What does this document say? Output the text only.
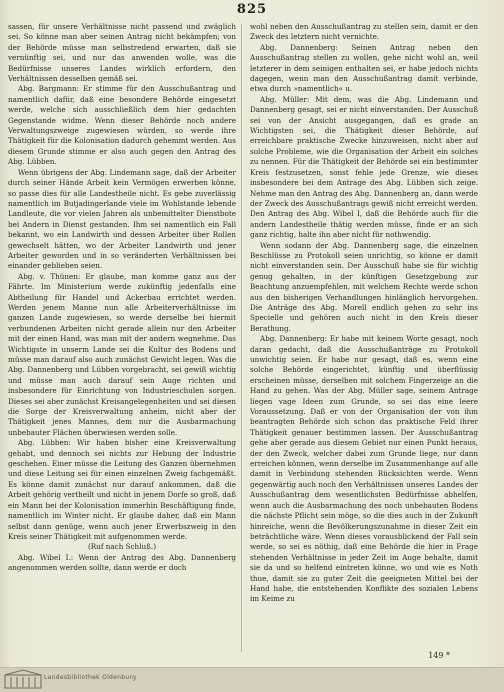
825

sassen, für unsere Verhältnisse nicht passend und zwäglich sei. So könne man aber seinen Antrag nicht bekämpfen; von der Behörde müsse man selbstredend erwarten, daß sie vernünftig sei, und nur das anwenden wolle, was die Bedürfnisse unseres Landes wirklich erfordern, den Verhältnissen desselben gemäß sei.

Abg. Bargmann: Er stimme für den Ausschußantrag und namentlich dafür, daß eine besondere Behörde eingesetzt werde, welche sich ausschließlich dem hier gedachten Gegenstande widme. Wenn dieser Behörde noch andere Verwaltungszweige zugewiesen würden, so werde ihre Thätigkeit für die Kolonisation dadurch gehemmt werden. Aus diesem Grunde stimme er also auch gegen den Antrag des Abg. Lübben.

Wenn übrigens der Abg. Lindemann sage, daß der Arbeiter durch seiner Hände Arbeit kein Vermögen erwerben könne, so passe dies für alle Landestheile nicht. Es gebe zuverlässig namentlich im Butjadingerlande viele im Wohlstande lebende Landleute, die vor vielen Jahren als unbemittelter Dienstbote bei Andern in Dienst gestanden. Ihm sei namentlich ein Fall bekannt, wo ein Landwirth und dessen Arbeiter über Rollen gewechselt hätten, wo der Arbeiter Landwirth und jener Arbeiter geworden und in so veränderten Verhältnissen bei einander geblieben seien.

Abg. v. Thünen: Er glaube, man komme ganz aus der Fährte. Im Ministerium werde zukünftig jedenfalls eine Abtheilung für Handel und Ackerbau errichtet werden. Werden jenem Manne nun alle Arbeiterverhältnisse im ganzen Lande zugewiesen, so werde derselbe bei hiermit verbundenen Arbeiten nicht gerade allein nur den Arbeiter mit der einen Hand, was man mit der andern wegnehme. Das Wichtigste in unserm Lande sei die Kultur des Bodens und müsse man darauf also auch zunächst Gewicht legen. Was die Abg. Dannenberg und Lübben vorgebracht, sei gewiß wichtig und müsse man auch darauf sein Auge richten und insbesondere für Einrichtung von Industrieschulen sorgen. Dieses sei aber zunächst Kreisangelegenheiten und sei diesen die Sorge der Kreisverwaltung anheim, nicht aber der Thätigkeit jenes Mannes, dem nur die Ausbarmachung unbebauter Flächen überwiesen werden solle.

Abg. Lübben: Wir haben bisher eine Kreisverwaltung gehabt, und dennoch sei nichts zur Hebung der Industrie geschehen. Einer müsse die Leitung des Ganzen übernehmen und diese Leitung sei für einen einzelnen Zweig fachgemäßt. Es könne damit zunächst nur darauf ankommen, daß die Arbeit gehörig vertheilt und nicht in jenem Dorfe so groß, daß ein Mann bei der Kolonisation immerhin Beschäftigung finde, namentlich im Winter nicht. Er glaube daher, daß ein Mann selbst dann genüge, wenn auch jener Erwerbszweig in den Kreis seiner Thätigkeit mit aufgenommen werde.

(Ruf nach Schluß.)

Abg. Wibel I.: Wenn der Antrag des Abg. Dannenberg angenommen werden sollte, dann werde er doch

wohl neben den Ausschußantrag zu stellen sein, damit er den Zweck des letztern nicht vernichte.

Abg. Dannenberg: Seinen Antrag neben den Ausschußantrag stellen zu wollen, gehe nicht wohl an, weil letzterer in dem seinigen enthalten sei, er habe jedoch nichts dagegen, wenn man den Ausschußantrag damit verbinde, etwa durch »namentlich« u.

Abg. Müller: Mit dem, was die Abg. Lindemann und Dannenberg gesagt, sei er nicht einverstanden. Der Ausschuß sei von der Ansicht ausgegangen, daß es grade an Wichtigsten sei, die Thätigkeit dieser Behörde, auf erreichbare praktische Zwecke hinzuweisen, nicht aber auf solche Probleme, wie die Organisation der Arbeit ein solches zu nennen. Für die Thätigkeit der Behörde sei ein bestimmter Kreis festzusetzen, sonst fehle jede Grenze, wie dieses insbesondere bei dem Antrage des Abg. Lübben sich zeige. Nehme man den Antrag des Abg. Dannenberg an, dann werde der Zweck des Ausschußantrags gewiß nicht erreicht werden. Den Antrag des Abg. Wibel I, daß die Behörde auch für die andern Landestheile thätig werden müsse, finde er an sich ganz richtig, halte ihn aber nicht für nothwendig.

Wenn sodann der Abg. Dannenberg sage, die einzelnen Beschlüsse zu Protokoll seien unrichtig, so könne er damit nicht einverstanden sein. Der Ausschuß habe sie für wichtig genug gehalten, in der künftigen Gesetzgebung zur Beachtung anzuempfehlen, mit welchem Rechte werde schon aus den bisherigen Verhandlungen hinlänglich hervorgehen. Die Anträge des Abg. Morell endlich gehen zu sehr ins Specielle und gehören auch nicht in den Kreis dieser Berathung.

Abg. Dannenberg: Er habe mit keinem Worte gesagt, noch daran gedacht, daß die Ausschußanträge zu Protokoll unwichtig seien. Er habe nur gesagt, daß es, wenn eine solche Behörde eingerichtet, künftig und überflüssig erscheinen müsse, derselben mit solchem Fingerzeige an die Hand zu gehen. Was der Abg. Müller sage, seinem Antrage liegen vage Ideen zum Grunde, so sei das eine leere Voraussetzung. Daß er von der Organisation der von ihm beantragten Behörde sich schon das praktische Feld ihrer Thätigkeit genauer bestimmen lassen. Der Ausschußantrag gehe aber gerade aus diesem Gebiet nur einen Punkt heraus, der den Zweck, welcher dabei zum Grunde liege, nur dann erreichen können, wenn derselbe im Zusammenhange auf alle damit in Verbindung stehenden Rücksichten werde. Wenn gegenwärtig auch noch den Verhältnissen unseres Landes der Ausschußantrag dem wesentlichsten Bedürfnisse abhelfen, wenn auch die Ausbarmachung des noch unbebauten Bodens die nächste Pflicht sein möge, so die dies auch in der Zukunft hinreiche, wenn die Bevölkerungszunahme in dieser Zeit ein beträchtliche wäre. Wenn dieses vorausblickend der Fall sein werde, so sei es nöthig, daß eine Behörde die hier in Frage stehenden Verhältnisse in jeder Zeit im Auge behalte, damit sie da und so helfend eintreten könne, wo und wie es Noth thue, damit sie zu guter Zeit die geeigneten Mittel bei der Hand habe, die entstehenden Konflikte des sozialen Lebens im Keime zu

149 *
Landesbibliothek Oldenburg
